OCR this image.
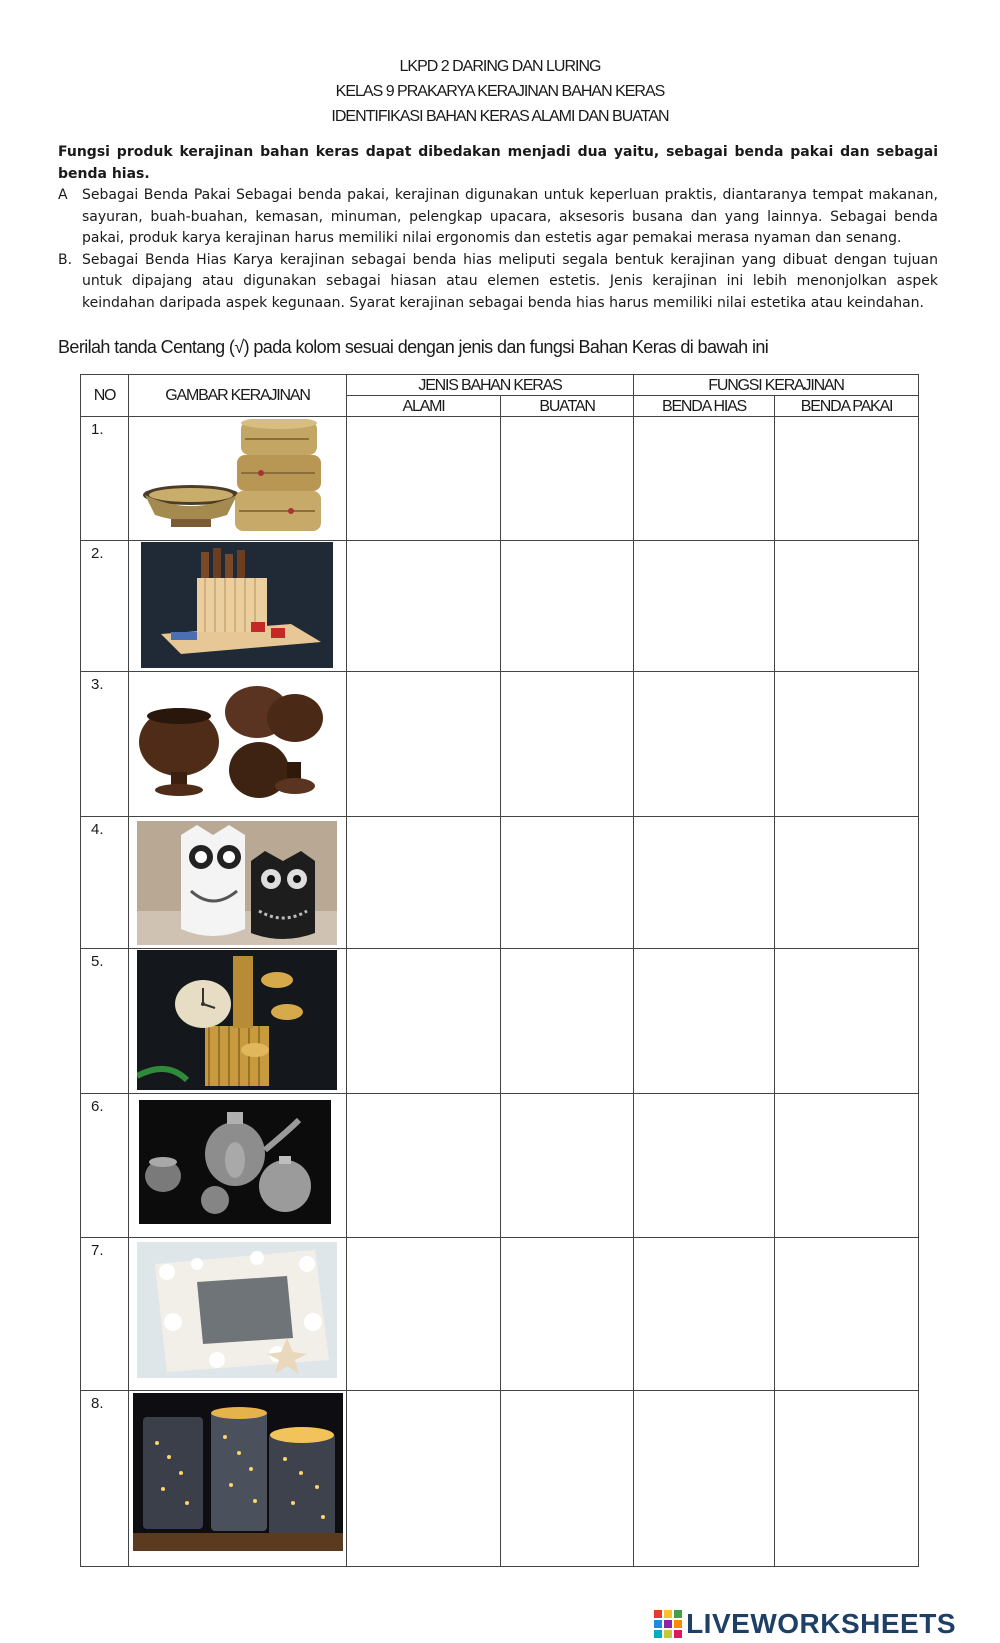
LKPD 2 DARING DAN LURING
KELAS 9 PRAKARYA KERAJINAN BAHAN KERAS
IDENTIFIKASI BAHAN KERAS ALAMI DAN BUATAN

Fungsi produk kerajinan bahan keras dapat dibedakan menjadi dua yaitu, sebagai benda pakai dan sebagai benda hias.

A Sebagai Benda Pakai Sebagai benda pakai, kerajinan digunakan untuk keperluan praktis, diantaranya tempat makanan, sayuran, buah-buahan, kemasan, minuman, pelengkap upacara, aksesoris busana dan yang lainnya. Sebagai benda pakai, produk karya kerajinan harus memiliki nilai ergonomis dan estetis agar pemakai merasa nyaman dan senang.

B. Sebagai Benda Hias Karya kerajinan sebagai benda hias meliputi segala bentuk kerajinan yang dibuat dengan tujuan untuk dipajang atau digunakan sebagai hiasan atau elemen estetis. Jenis kerajinan ini lebih menonjolkan aspek keindahan daripada aspek kegunaan. Syarat kerajinan sebagai benda hias harus memiliki nilai estetika atau keindahan.

Berilah tanda Centang (√) pada kolom sesuai dengan jenis dan fungsi Bahan Keras di bawah ini
NO	GAMBAR KERAJINAN	JENIS BAHAN KERAS		FUNGSI KERAJINAN	
		ALAMI	BUATAN	BENDA HIAS	BENDA PAKAI
1.	

2.	

3.	

4.	

5.	

6.	

7.	

8.	

LIVEWORKSHEETS
